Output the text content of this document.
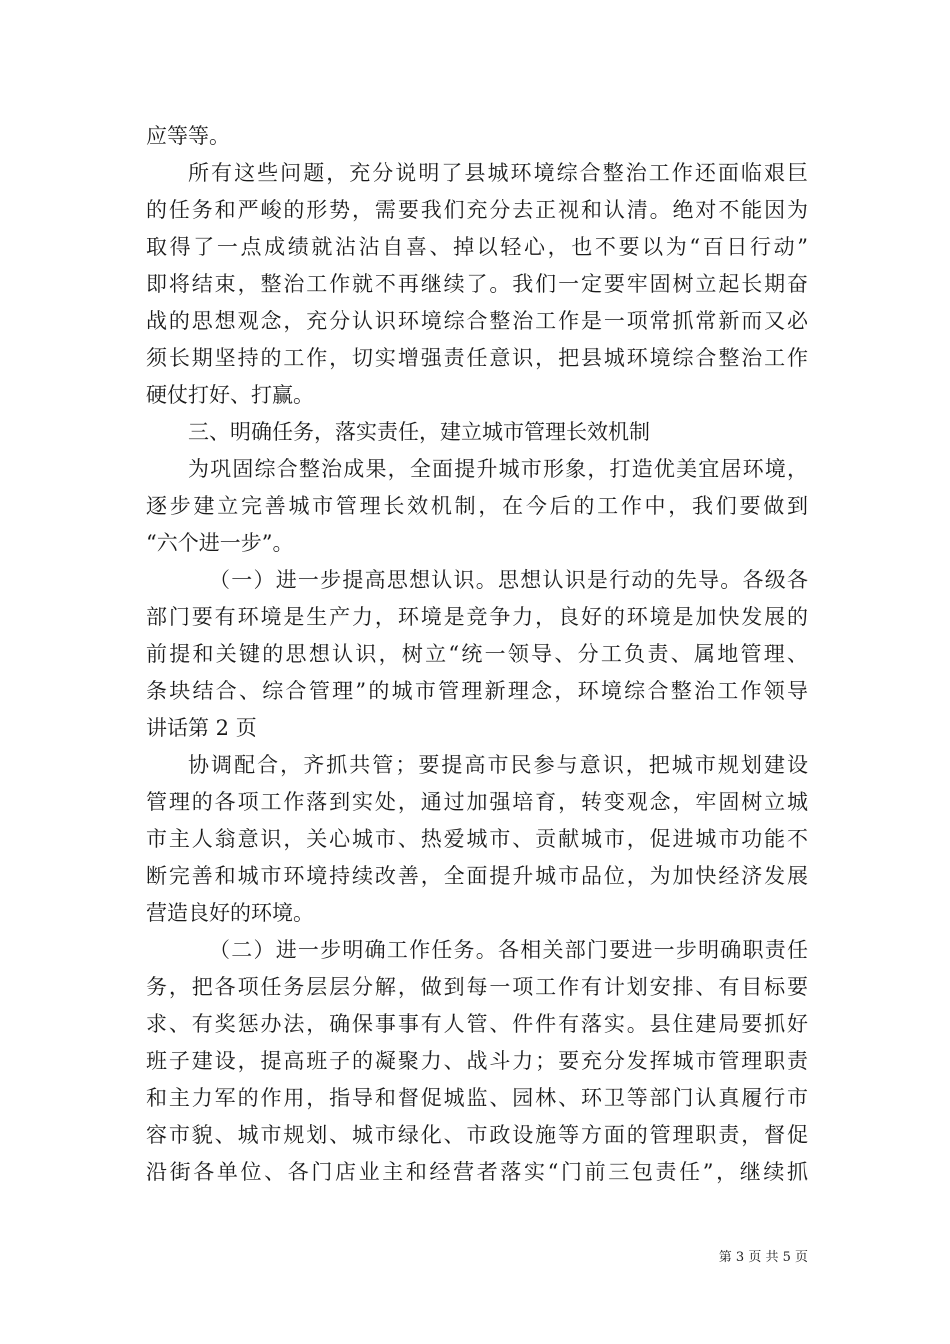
应等等。
所有这些问题，充分说明了县城环境综合整治工作还面临艰巨
的任务和严峻的形势，需要我们充分去正视和认清。绝对不能因为
取得了一点成绩就沾沾自喜、掉以轻心，也不要以为“百日行动”
即将结束，整治工作就不再继续了。我们一定要牢固树立起长期奋
战的思想观念，充分认识环境综合整治工作是一项常抓常新而又必
须长期坚持的工作，切实增强责任意识，把县城环境综合整治工作
硬仗打好、打赢。
三、明确任务，落实责任，建立城市管理长效机制
为巩固综合整治成果，全面提升城市形象，打造优美宜居环境，
逐步建立完善城市管理长效机制，在今后的工作中，我们要做到
“六个进一步”。
（一）进一步提高思想认识。思想认识是行动的先导。各级各
部门要有环境是生产力，环境是竞争力，良好的环境是加快发展的
前提和关键的思想认识，树立“统一领导、分工负责、属地管理、
条块结合、综合管理”的城市管理新理念，环境综合整治工作领导
讲话第 2 页
协调配合，齐抓共管；要提高市民参与意识，把城市规划建设
管理的各项工作落到实处，通过加强培育，转变观念，牢固树立城
市主人翁意识，关心城市、热爱城市、贡献城市，促进城市功能不
断完善和城市环境持续改善，全面提升城市品位，为加快经济发展
营造良好的环境。
（二）进一步明确工作任务。各相关部门要进一步明确职责任
务，把各项任务层层分解，做到每一项工作有计划安排、有目标要
求、有奖惩办法，确保事事有人管、件件有落实。县住建局要抓好
班子建设，提高班子的凝聚力、战斗力；要充分发挥城市管理职责
和主力军的作用，指导和督促城监、园林、环卫等部门认真履行市
容市貌、城市规划、城市绿化、市政设施等方面的管理职责，督促
沿街各单位、各门店业主和经营者落实“门前三包责任”，继续抓
第 3 页 共 5 页
